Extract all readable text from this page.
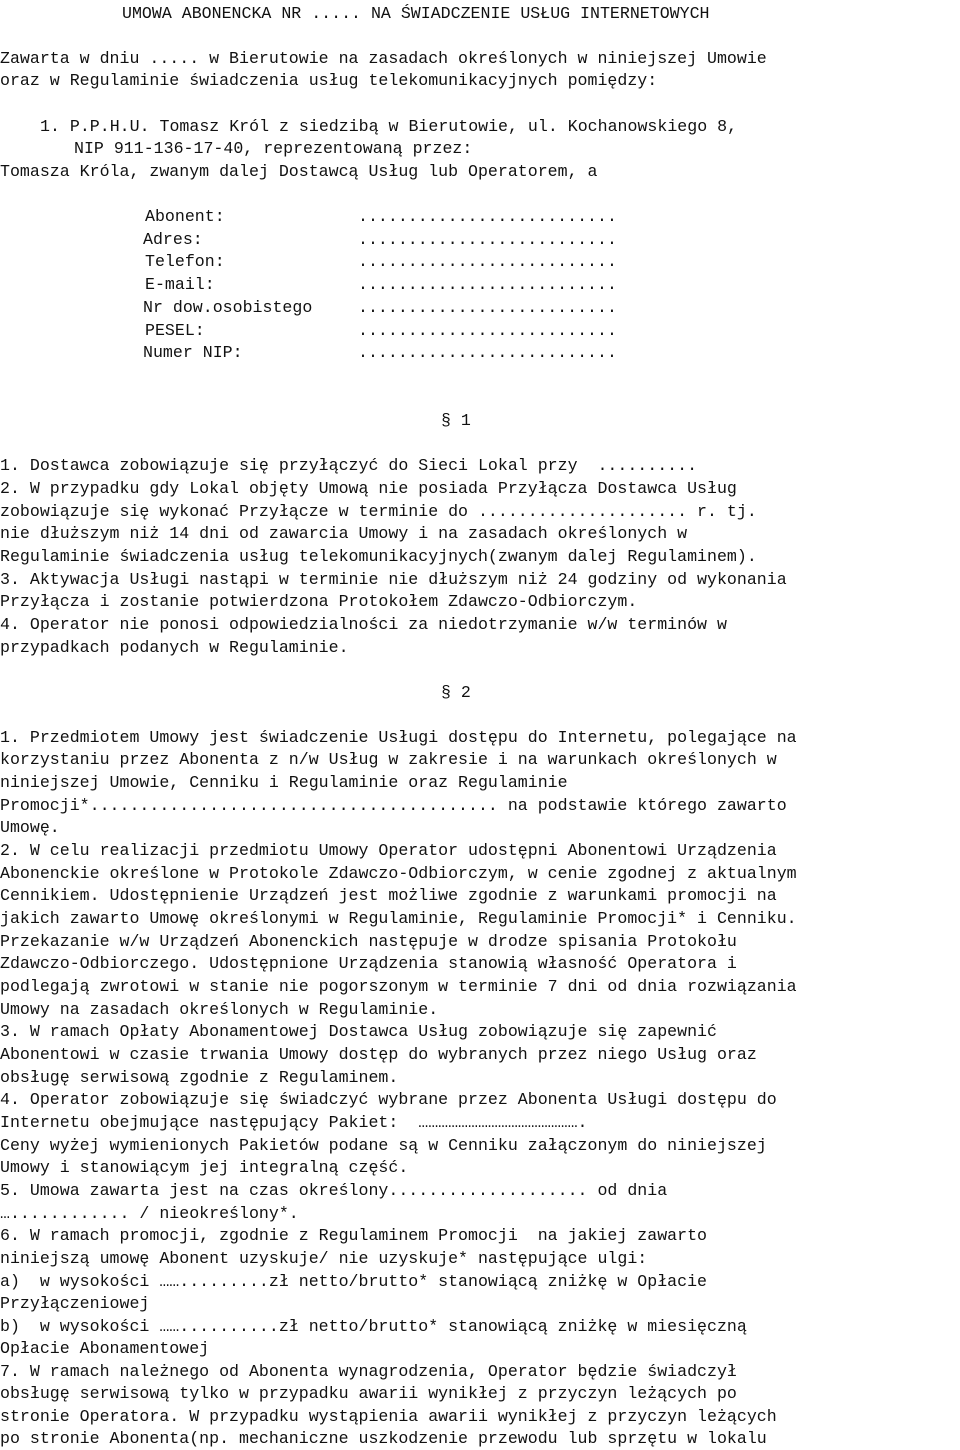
UMOWA ABONENCKA NR ..... NA ŚWIADCZENIE USŁUG INTERNETOWYCH
Zawarta w dniu ..... w Bierutowie na zasadach określonych w niniejszej Umowie
oraz w Regulaminie świadczenia usług telekomunikacyjnych pomiędzy:
1. P.P.H.U. Tomasz Król z siedzibą w Bierutowie, ul. Kochanowskiego 8,
NIP 911-136-17-40, reprezentowaną przez:
Tomasza Króla, zwanym dalej Dostawcą Usług lub Operatorem, a
Abonent:	..........................
Adres:	..........................
Telefon:	..........................
E-mail:	..........................
Nr dow.osobistego	..........................
PESEL:	..........................
Numer NIP:	..........................
§ 1
1. Dostawca zobowiązuje się przyłączyć do Sieci Lokal przy  ..........
2. W przypadku gdy Lokal objęty Umową nie posiada Przyłącza Dostawca Usług
zobowiązuje się wykonać Przyłącze w terminie do ..................... r. tj.
nie dłuższym niż 14 dni od zawarcia Umowy i na zasadach określonych w
Regulaminie świadczenia usług telekomunikacyjnych(zwanym dalej Regulaminem).
3. Aktywacja Usługi nastąpi w terminie nie dłuższym niż 24 godziny od wykonania
Przyłącza i zostanie potwierdzona Protokołem Zdawczo-Odbiorczym.
4. Operator nie ponosi odpowiedzialności za niedotrzymanie w/w terminów w
przypadkach podanych w Regulaminie.
§ 2
1. Przedmiotem Umowy jest świadczenie Usługi dostępu do Internetu, polegające na
korzystaniu przez Abonenta z n/w Usług w zakresie i na warunkach określonych w
niniejszej Umowie, Cenniku i Regulaminie oraz Regulaminie
Promocji*......................................... na podstawie którego zawarto
Umowę.
2. W celu realizacji przedmiotu Umowy Operator udostępni Abonentowi Urządzenia
Abonenckie określone w Protokole Zdawczo-Odbiorczym, w cenie zgodnej z aktualnym
Cennikiem. Udostępnienie Urządzeń jest możliwe zgodnie z warunkami promocji na
jakich zawarto Umowę określonymi w Regulaminie, Regulaminie Promocji* i Cenniku.
Przekazanie w/w Urządzeń Abonenckich następuje w drodze spisania Protokołu
Zdawczo-Odbiorczego. Udostępnione Urządzenia stanowią własność Operatora i
podlegają zwrotowi w stanie nie pogorszonym w terminie 7 dni od dnia rozwiązania
Umowy na zasadach określonych w Regulaminie.
3. W ramach Opłaty Abonamentowej Dostawca Usług zobowiązuje się zapewnić
Abonentowi w czasie trwania Umowy dostęp do wybranych przez niego Usług oraz
obsługę serwisową zgodnie z Regulaminem.
4. Operator zobowiązuje się świadczyć wybrane przez Abonenta Usługi dostępu do
Internetu obejmujące następujący Pakiet:  ………………………………………….
Ceny wyżej wymienionych Pakietów podane są w Cenniku załączonym do niniejszej
Umowy i stanowiącym jej integralną część.
5. Umowa zawarta jest na czas określony.................... od dnia
…............ / nieokreślony*.
6. W ramach promocji, zgodnie z Regulaminem Promocji  na jakiej zawarto
niniejszą umowę Abonent uzyskuje/ nie uzyskuje* następujące ulgi:
a)  w wysokości …….........zł netto/brutto* stanowiącą zniżkę w Opłacie
Przyłączeniowej
b)  w wysokości ……..........zł netto/brutto* stanowiącą zniżkę w miesięczną
Opłacie Abonamentowej
7. W ramach należnego od Abonenta wynagrodzenia, Operator będzie świadczył
obsługę serwisową tylko w przypadku awarii wynikłej z przyczyn leżących po
stronie Operatora. W przypadku wystąpienia awarii wynikłej z przyczyn leżących
po stronie Abonenta(np. mechaniczne uszkodzenie przewodu lub sprzętu w lokalu
